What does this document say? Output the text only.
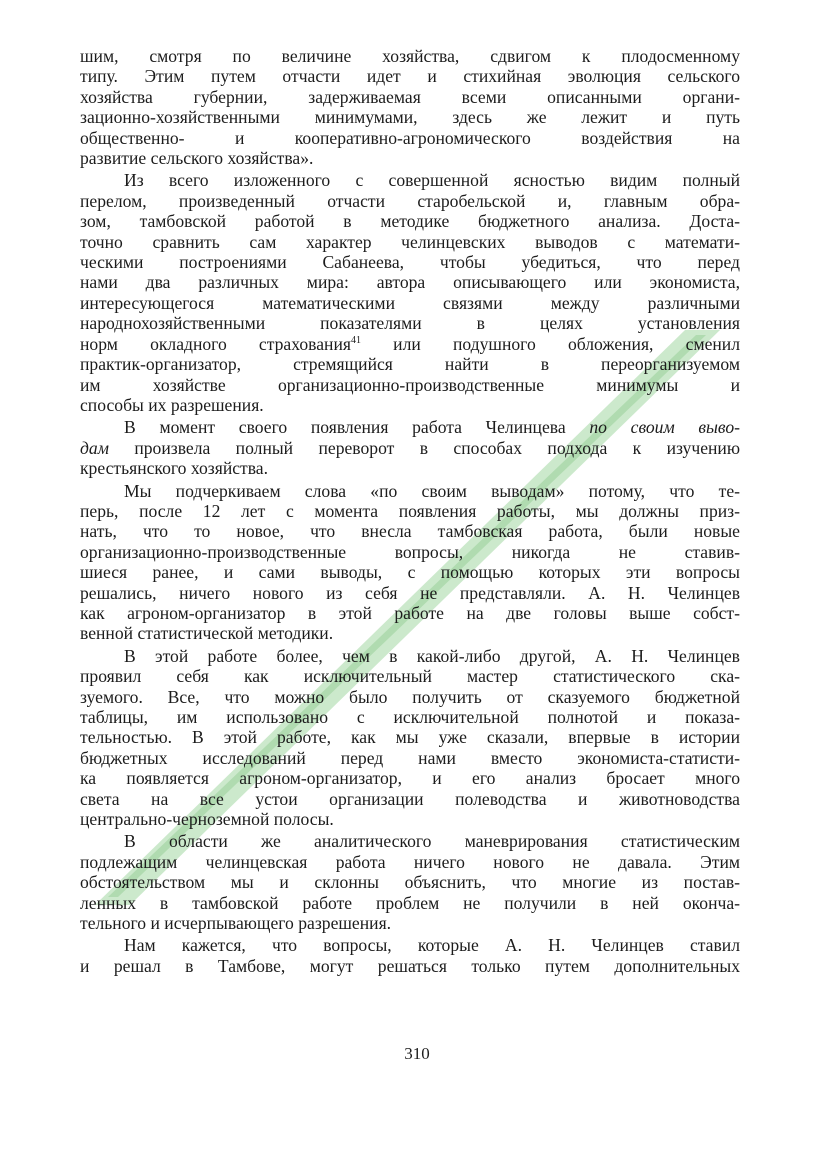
шим, смотря по величине хозяйства, сдвигом к плодосменному
типу. Этим путем отчасти идет и стихийная эволюция сельского
хозяйства губернии, задерживаемая всеми описанными органи-
зационно-хозяйственными минимумами, здесь же лежит и путь
общественно- и кооперативно-агрономического воздействия на
развитие сельского хозяйства».

Из всего изложенного с совершенной ясностью видим полный
перелом, произведенный отчасти старобельской и, главным обра-
зом, тамбовской работой в методике бюджетного анализа. Доста-
точно сравнить сам характер челинцевских выводов с математи-
ческими построениями Сабанеева, чтобы убедиться, что перед
нами два различных мира: автора описывающего или экономиста,
интересующегося математическими связями между различными
народнохозяйственными показателями в целях установления
норм окладного страхования$^{41}$ или подушного обложения, сменил
практик-организатор, стремящийся найти в переорганизуемом
им хозяйстве организационно-производственные минимумы и
способы их разрешения.

В момент своего появления работа Челинцева по своим выво-
дам произвела полный переворот в способах подхода к изучению
крестьянского хозяйства.

Мы подчеркиваем слова «по своим выводам» потому, что те-
перь, после 12 лет с момента появления работы, мы должны приз-
нать, что то новое, что внесла тамбовская работа, были новые
организационно-производственные вопросы, никогда не ставив-
шиеся ранее, и сами выводы, с помощью которых эти вопросы
решались, ничего нового из себя не представляли. А. Н. Челинцев
как агроном-организатор в этой работе на две головы выше собст-
венной статистической методики.

В этой работе более, чем в какой-либо другой, А. Н. Челинцев
проявил себя как исключительный мастер статистического ска-
зуемого. Все, что можно было получить от сказуемого бюджетной
таблицы, им использовано с исключительной полнотой и показа-
тельностью. В этой работе, как мы уже сказали, впервые в истории
бюджетных исследований перед нами вместо экономиста-статисти-
ка появляется агроном-организатор, и его анализ бросает много
света на все устои организации полеводства и животноводства
центрально-черноземной полосы.

В области же аналитического маневрирования статистическим
подлежащим челинцевская работа ничего нового не давала. Этим
обстоятельством мы и склонны объяснить, что многие из постав-
ленных в тамбовской работе проблем не получили в ней оконча-
тельного и исчерпывающего разрешения.

Нам кажется, что вопросы, которые А. Н. Челинцев ставил
и решал в Тамбове, могут решаться только путем дополнительных

310
